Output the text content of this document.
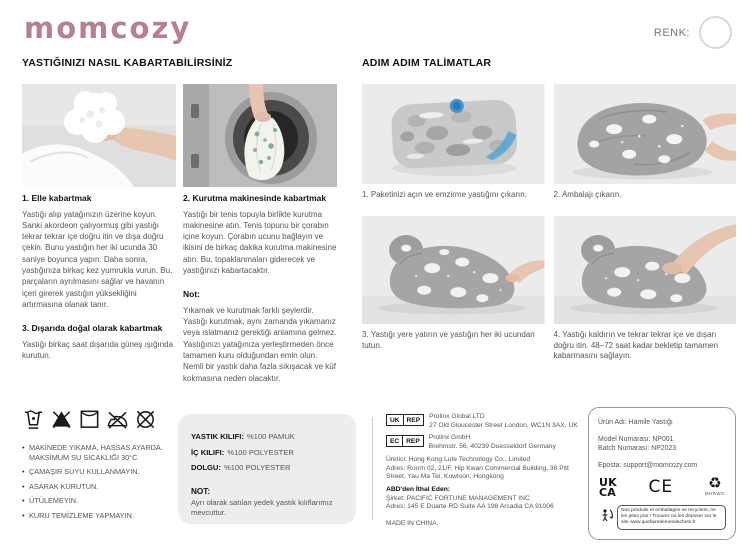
momcozy	RENK:
YASTIĞINIZI NASIL KABARTABİLİRSİNİZ	ADIM ADIM TALİMATLAR
1. Elle kabartmak
Yastığı alıp yatağınızın üzerine koyun. Sanki akordeon çalıyormuş gibi yastığı tekrar tekrar içe doğru itin ve dışa doğru çekin. Bunu yastığın her iki ucunda 30 saniye boyunca yapın. Daha sonra, yastığınıza birkaç kez yumrukla vurun. Bu, parçaların ayrılmasını sağlar ve havanın içeri girerek yastığın yüksekliğini artırmasına olanak tanır.
3. Dışarıda doğal olarak kabartmak
Yastığı birkaç saat dışarıda güneş ışığında kurutun.
2. Kurutma makinesinde kabartmak
Yastığı bir tenis topuyla birlikte kurutma makinesine atın. Tenis topunu bir çorabın içine koyun. Çorabın ucunu bağlayın ve ikisini de birkaç dakika kurutma makinesine atın. Bu, topaklanmaları giderecek ve yastığınızı kabartacaktır.
Not:
Yıkamak ve kurutmak farklı şeylerdir. Yastığı kurutmak, aynı zamanda yıkamanız veya ıslatmanız gerektiği anlamına gelmez. Yastığınızı yatağınıza yerleştirmeden önce tamamen kuru olduğundan emin olun. Nemli bir yastık daha fazla sıkışacak ve küf kokmasına neden olacaktır.
1. Paketinizi açın ve emzirme yastığını çıkarın.	2. Ambalajı çıkarın.
3. Yastığı yere yatırın ve yastığın her iki ucundan tutun.
4. Yastığı kaldırın ve tekrar tekrar içe ve dışarı doğru itin. 48–72 saat kadar bekletip tamamen kabarmasını sağlayın.
• MAKİNEDE YIKAMA, HASSAS AYARDA. MAKSİMUM SU SICAKLIĞI 30°C
• ÇAMAŞIR SUYU KULLANMAYIN.
• ASARAK KURUTUN.
• ÜTÜLEMEYİN.
• KURU TEMİZLEME YAPMAYIN.
YASTIK KILIFI: %100 PAMUK
İÇ KILIFI: %100 POLYESTER
DOLGU: %100 POLYESTER
NOT:
Ayrı olarak satılan yedek yastık kılıflarımız mevcuttur.
UK	REP	Prolinx Global LTD
27 Old Gloucester Street London, WC1N 3AX, UK
EC	REP	Prolinx GmbH
Brehmstr. 56, 40239 Duesseldorf Germany
Üretici: Hong Kong Lute Technology Co., Limited
Adres: Room 02, 21/F, Hip Kwan Commercial Building, 38 Pitt Street, Yau Ma Tei, Kowloon, Hongkong
ABD'den İthal Eden:
Şirket: PACIFIC FORTUNE MANAGEMENT INC
Adres: 145 E Duarte RD Suite AA 198 Arcadia CA 91006
MADE IN CHINA.
Ürün Adı: Hamile Yastığı
Model Numarası: NP001
Batch Numarası: NP2023
Eposta: support@momcozy.com
UK
CA CE ♻
MHRWG
Nos produits et emballages se recyclent, ne les jetez pas ! Trouvez où les déposer sur le site www.quefairedemesdechets.fr
